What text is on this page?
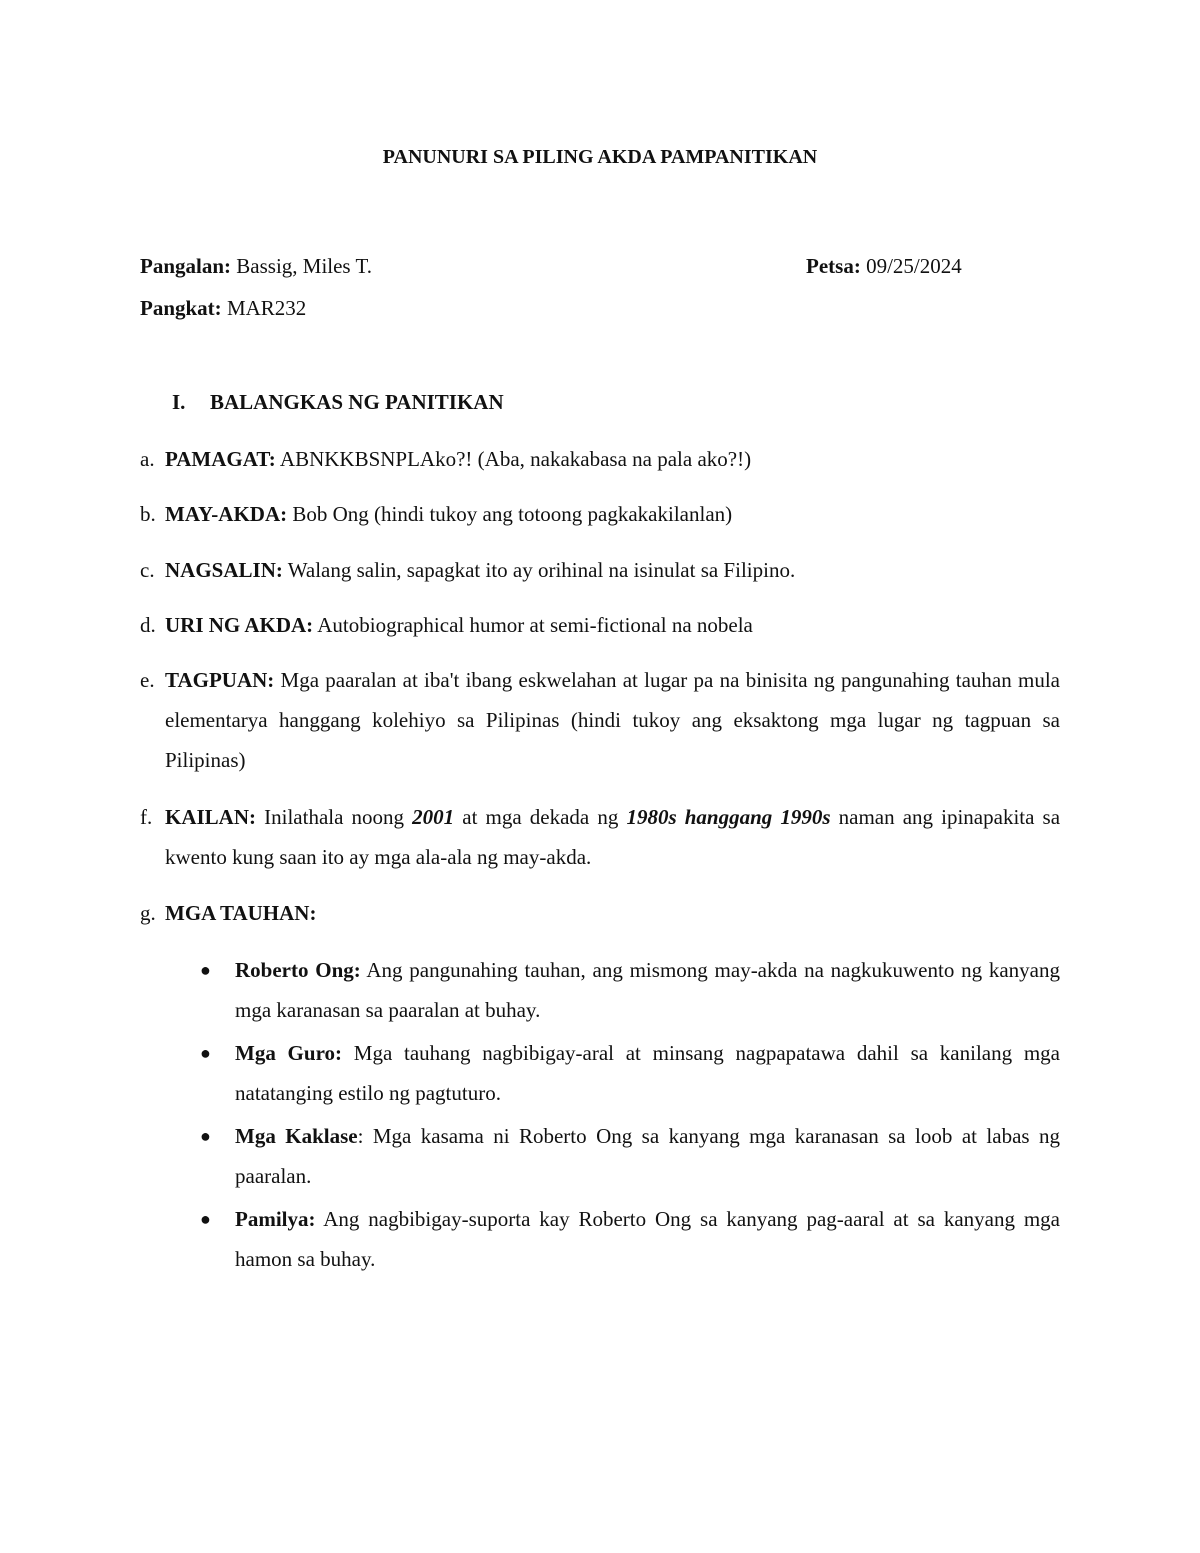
PANUNURI SA PILING AKDA PAMPANITIKAN
Pangalan: Bassig, Miles T.	Petsa: 09/25/2024
Pangkat: MAR232
I. BALANGKAS NG PANITIKAN
a. PAMAGAT: ABNKKBSNPLAko?! (Aba, nakakabasa na pala ako?!)
b. MAY-AKDA: Bob Ong (hindi tukoy ang totoong pagkakakilanlan)
c. NAGSALIN: Walang salin, sapagkat ito ay orihinal na isinulat sa Filipino.
d. URI NG AKDA: Autobiographical humor at semi-fictional na nobela
e. TAGPUAN: Mga paaralan at iba't ibang eskwelahan at lugar pa na binisita ng pangunahing tauhan mula elementarya hanggang kolehiyo sa Pilipinas (hindi tukoy ang eksaktong mga lugar ng tagpuan sa Pilipinas)
f. KAILAN: Inilathala noong 2001 at mga dekada ng 1980s hanggang 1990s naman ang ipinapakita sa kwento kung saan ito ay mga ala-ala ng may-akda.
g. MGA TAUHAN:
● Roberto Ong: Ang pangunahing tauhan, ang mismong may-akda na nagkukuwento ng kanyang mga karanasan sa paaralan at buhay.
● Mga Guro: Mga tauhang nagbibigay-aral at minsang nagpapatawa dahil sa kanilang mga natatanging estilo ng pagtuturo.
● Mga Kaklase: Mga kasama ni Roberto Ong sa kanyang mga karanasan sa loob at labas ng paaralan.
● Pamilya: Ang nagbibigay-suporta kay Roberto Ong sa kanyang pag-aaral at sa kanyang mga hamon sa buhay.
